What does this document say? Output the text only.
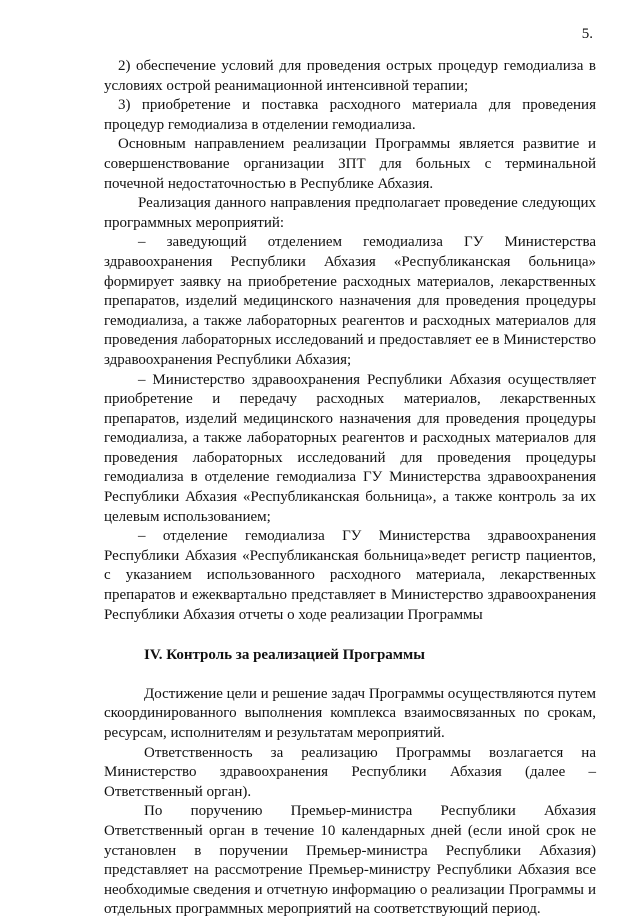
5.

2) обеспечение условий для проведения острых процедур гемодиализа в условиях острой реанимационной интенсивной терапии;

3) приобретение и поставка расходного материала для проведения процедур гемодиализа в отделении гемодиализа.

Основным направлением реализации Программы является развитие и совершенствование организации ЗПТ для больных с терминальной почечной недостаточностью в Республике Абхазия.

Реализация данного направления предполагает проведение следующих программных мероприятий:

– заведующий отделением гемодиализа ГУ Министерства здравоохранения Республики Абхазия «Республиканская больница» формирует заявку на приобретение расходных материалов, лекарственных препаратов, изделий медицинского назначения для проведения процедуры гемодиализа, а также лабораторных реагентов и расходных материалов для проведения лабораторных исследований и предоставляет ее в Министерство здравоохранения Республики Абхазия;

– Министерство здравоохранения Республики Абхазия осуществляет приобретение и передачу расходных материалов, лекарственных препаратов, изделий медицинского назначения для проведения процедуры гемодиализа, а также лабораторных реагентов и расходных материалов для проведения лабораторных исследований для проведения процедуры гемодиализа в отделение гемодиализа ГУ Министерства здравоохранения Республики Абхазия «Республиканская больница», а также контроль за их целевым использованием;

– отделение гемодиализа ГУ Министерства здравоохранения Республики Абхазия «Республиканская больница»ведет регистр пациентов, с указанием использованного расходного материала, лекарственных препаратов и ежеквартально представляет в Министерство здравоохранения Республики Абхазия отчеты о ходе реализации Программы

IV. Контроль за реализацией Программы

Достижение цели и решение задач Программы осуществляются путем скоординированного выполнения комплекса взаимосвязанных по срокам, ресурсам, исполнителям и результатам мероприятий.

Ответственность за реализацию Программы возлагается на Министерство здравоохранения Республики Абхазия (далее – Ответственный орган).

По поручению Премьер-министра Республики Абхазия Ответственный орган в течение 10 календарных дней (если иной срок не установлен в поручении Премьер-министра Республики Абхазия) представляет на рассмотрение Премьер-министру Республики Абхазия все необходимые сведения и отчетную информацию о реализации Программы и отдельных программных мероприятий на соответствующий период.
